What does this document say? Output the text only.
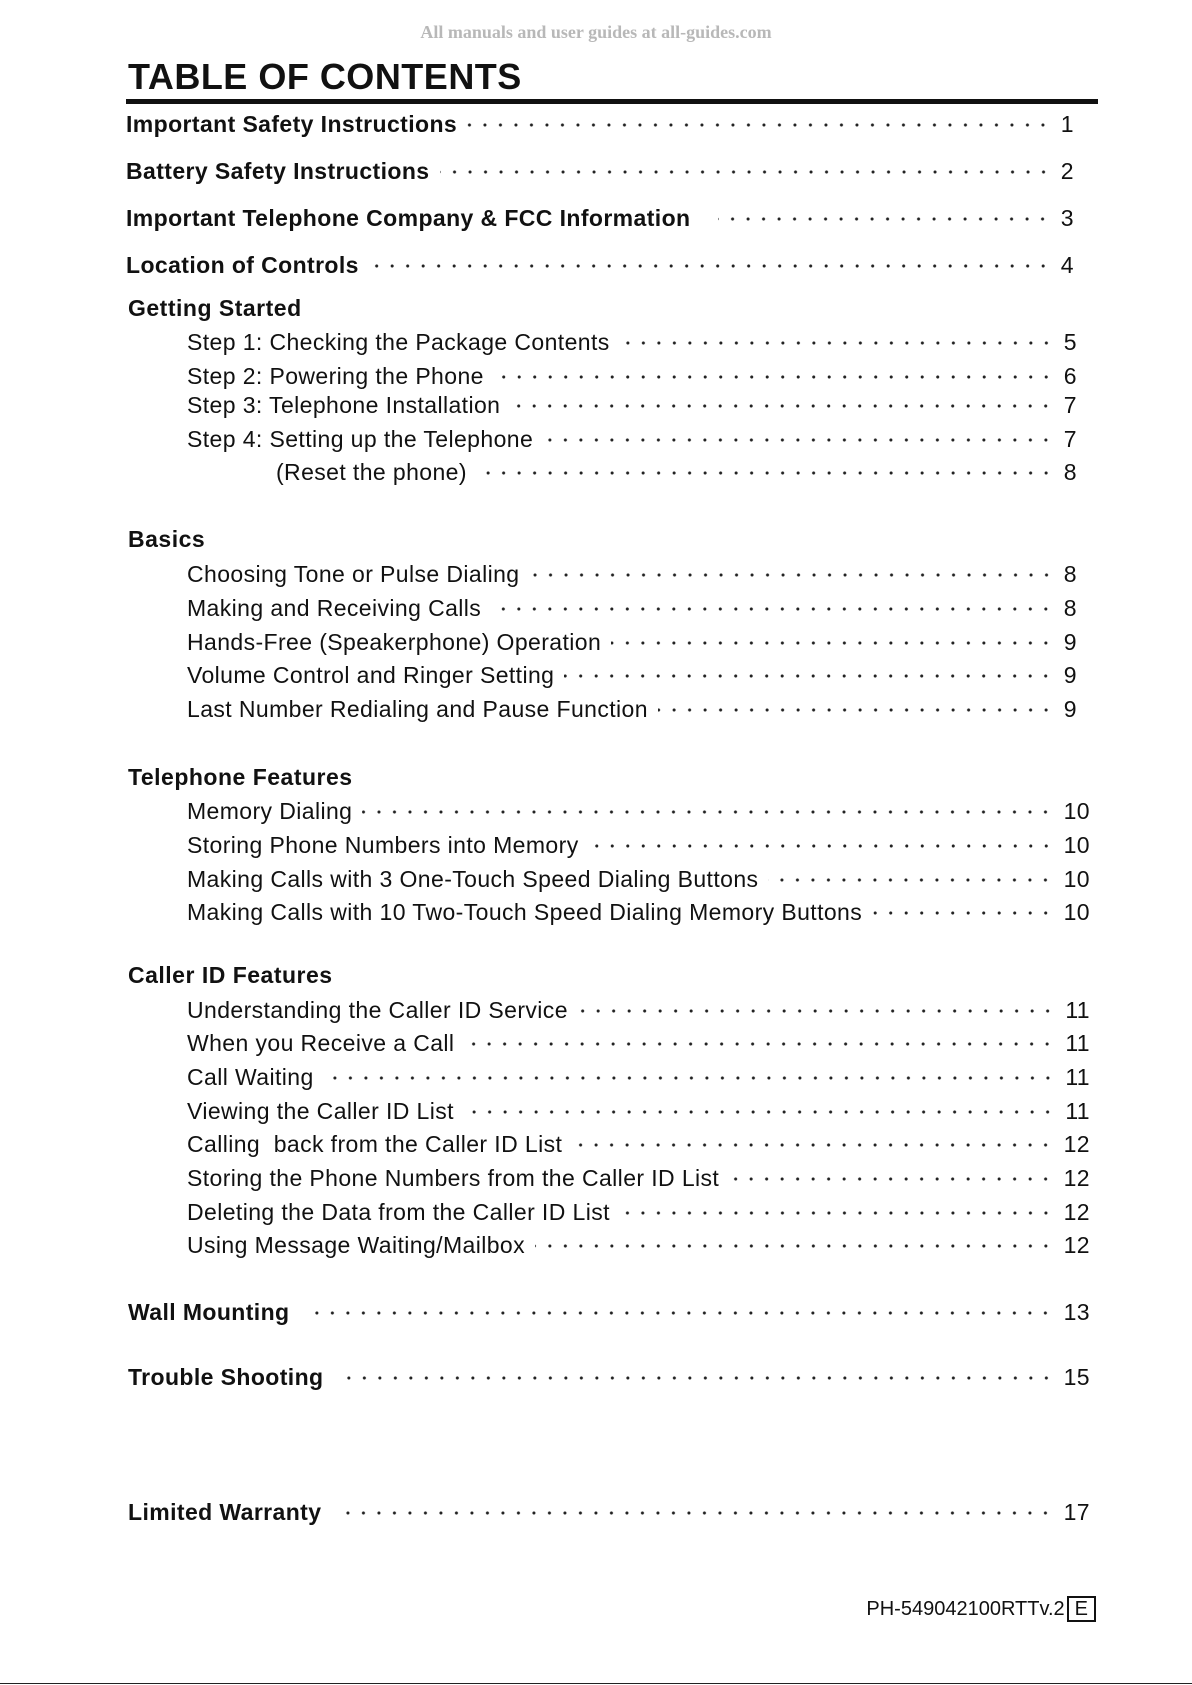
All manuals and user guides at all-guides.com
TABLE OF CONTENTS
Important Safety Instructions	1
Battery Safety Instructions	2
Important Telephone Company & FCC Information	3
Location of Controls	4
Getting Started
Step 1: Checking the Package Contents	5
Step 2: Powering the Phone	6
Step 3: Telephone Installation	7
Step 4: Setting up the Telephone	7
(Reset the phone)	8
Basics
Choosing Tone or Pulse Dialing	8
Making and Receiving Calls	8
Hands-Free (Speakerphone) Operation	9
Volume Control and Ringer Setting	9
Last Number Redialing and Pause Function	9
Telephone Features
Memory Dialing	10
Storing Phone Numbers into Memory	10
Making Calls with 3 One-Touch Speed Dialing Buttons	10
Making Calls with 10 Two-Touch Speed Dialing Memory Buttons	10
Caller ID Features
Understanding the Caller ID Service	11
When you Receive a Call	11
Call Waiting	11
Viewing the Caller ID List	11
Calling  back from the Caller ID List	12
Storing the Phone Numbers from the Caller ID List	12
Deleting the Data from the Caller ID List	12
Using Message Waiting/Mailbox	12
Wall Mounting	13
Trouble Shooting	15
Limited Warranty	17
PH-549042100RTTv.2 E
